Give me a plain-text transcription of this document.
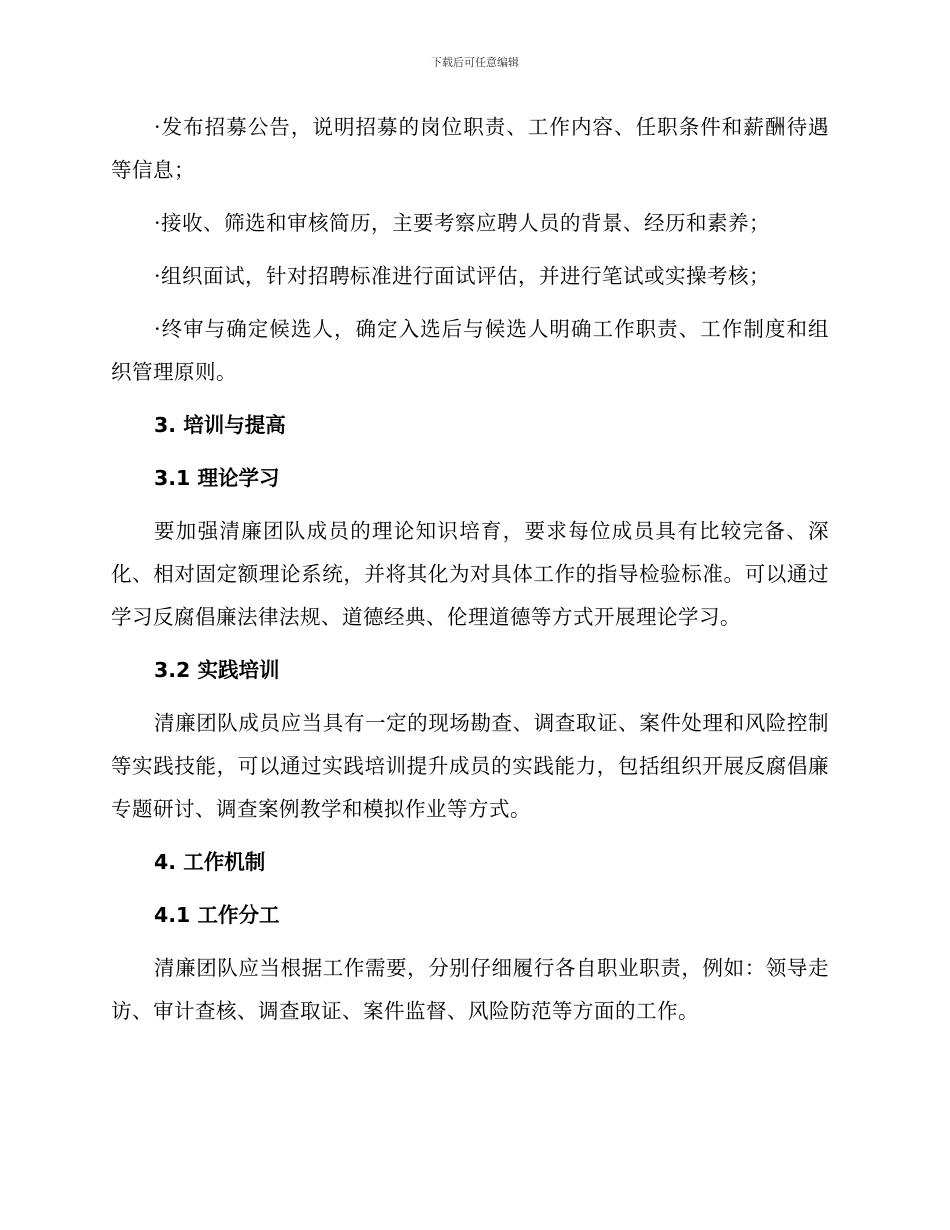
下载后可任意编辑

·发布招募公告，说明招募的岗位职责、工作内容、任职条件和薪酬待遇等信息；

·接收、筛选和审核简历，主要考察应聘人员的背景、经历和素养；

·组织面试，针对招聘标准进行面试评估，并进行笔试或实操考核；

·终审与确定候选人，确定入选后与候选人明确工作职责、工作制度和组织管理原则。

3. 培训与提高
3.1 理论学习

要加强清廉团队成员的理论知识培育，要求每位成员具有比较完备、深化、相对固定额理论系统，并将其化为对具体工作的指导检验标准。可以通过学习反腐倡廉法律法规、道德经典、伦理道德等方式开展理论学习。

3.2 实践培训

清廉团队成员应当具有一定的现场勘查、调查取证、案件处理和风险控制等实践技能，可以通过实践培训提升成员的实践能力，包括组织开展反腐倡廉专题研讨、调查案例教学和模拟作业等方式。

4. 工作机制
4.1 工作分工

清廉团队应当根据工作需要，分别仔细履行各自职业职责，例如：领导走访、审计查核、调查取证、案件监督、风险防范等方面的工作。
